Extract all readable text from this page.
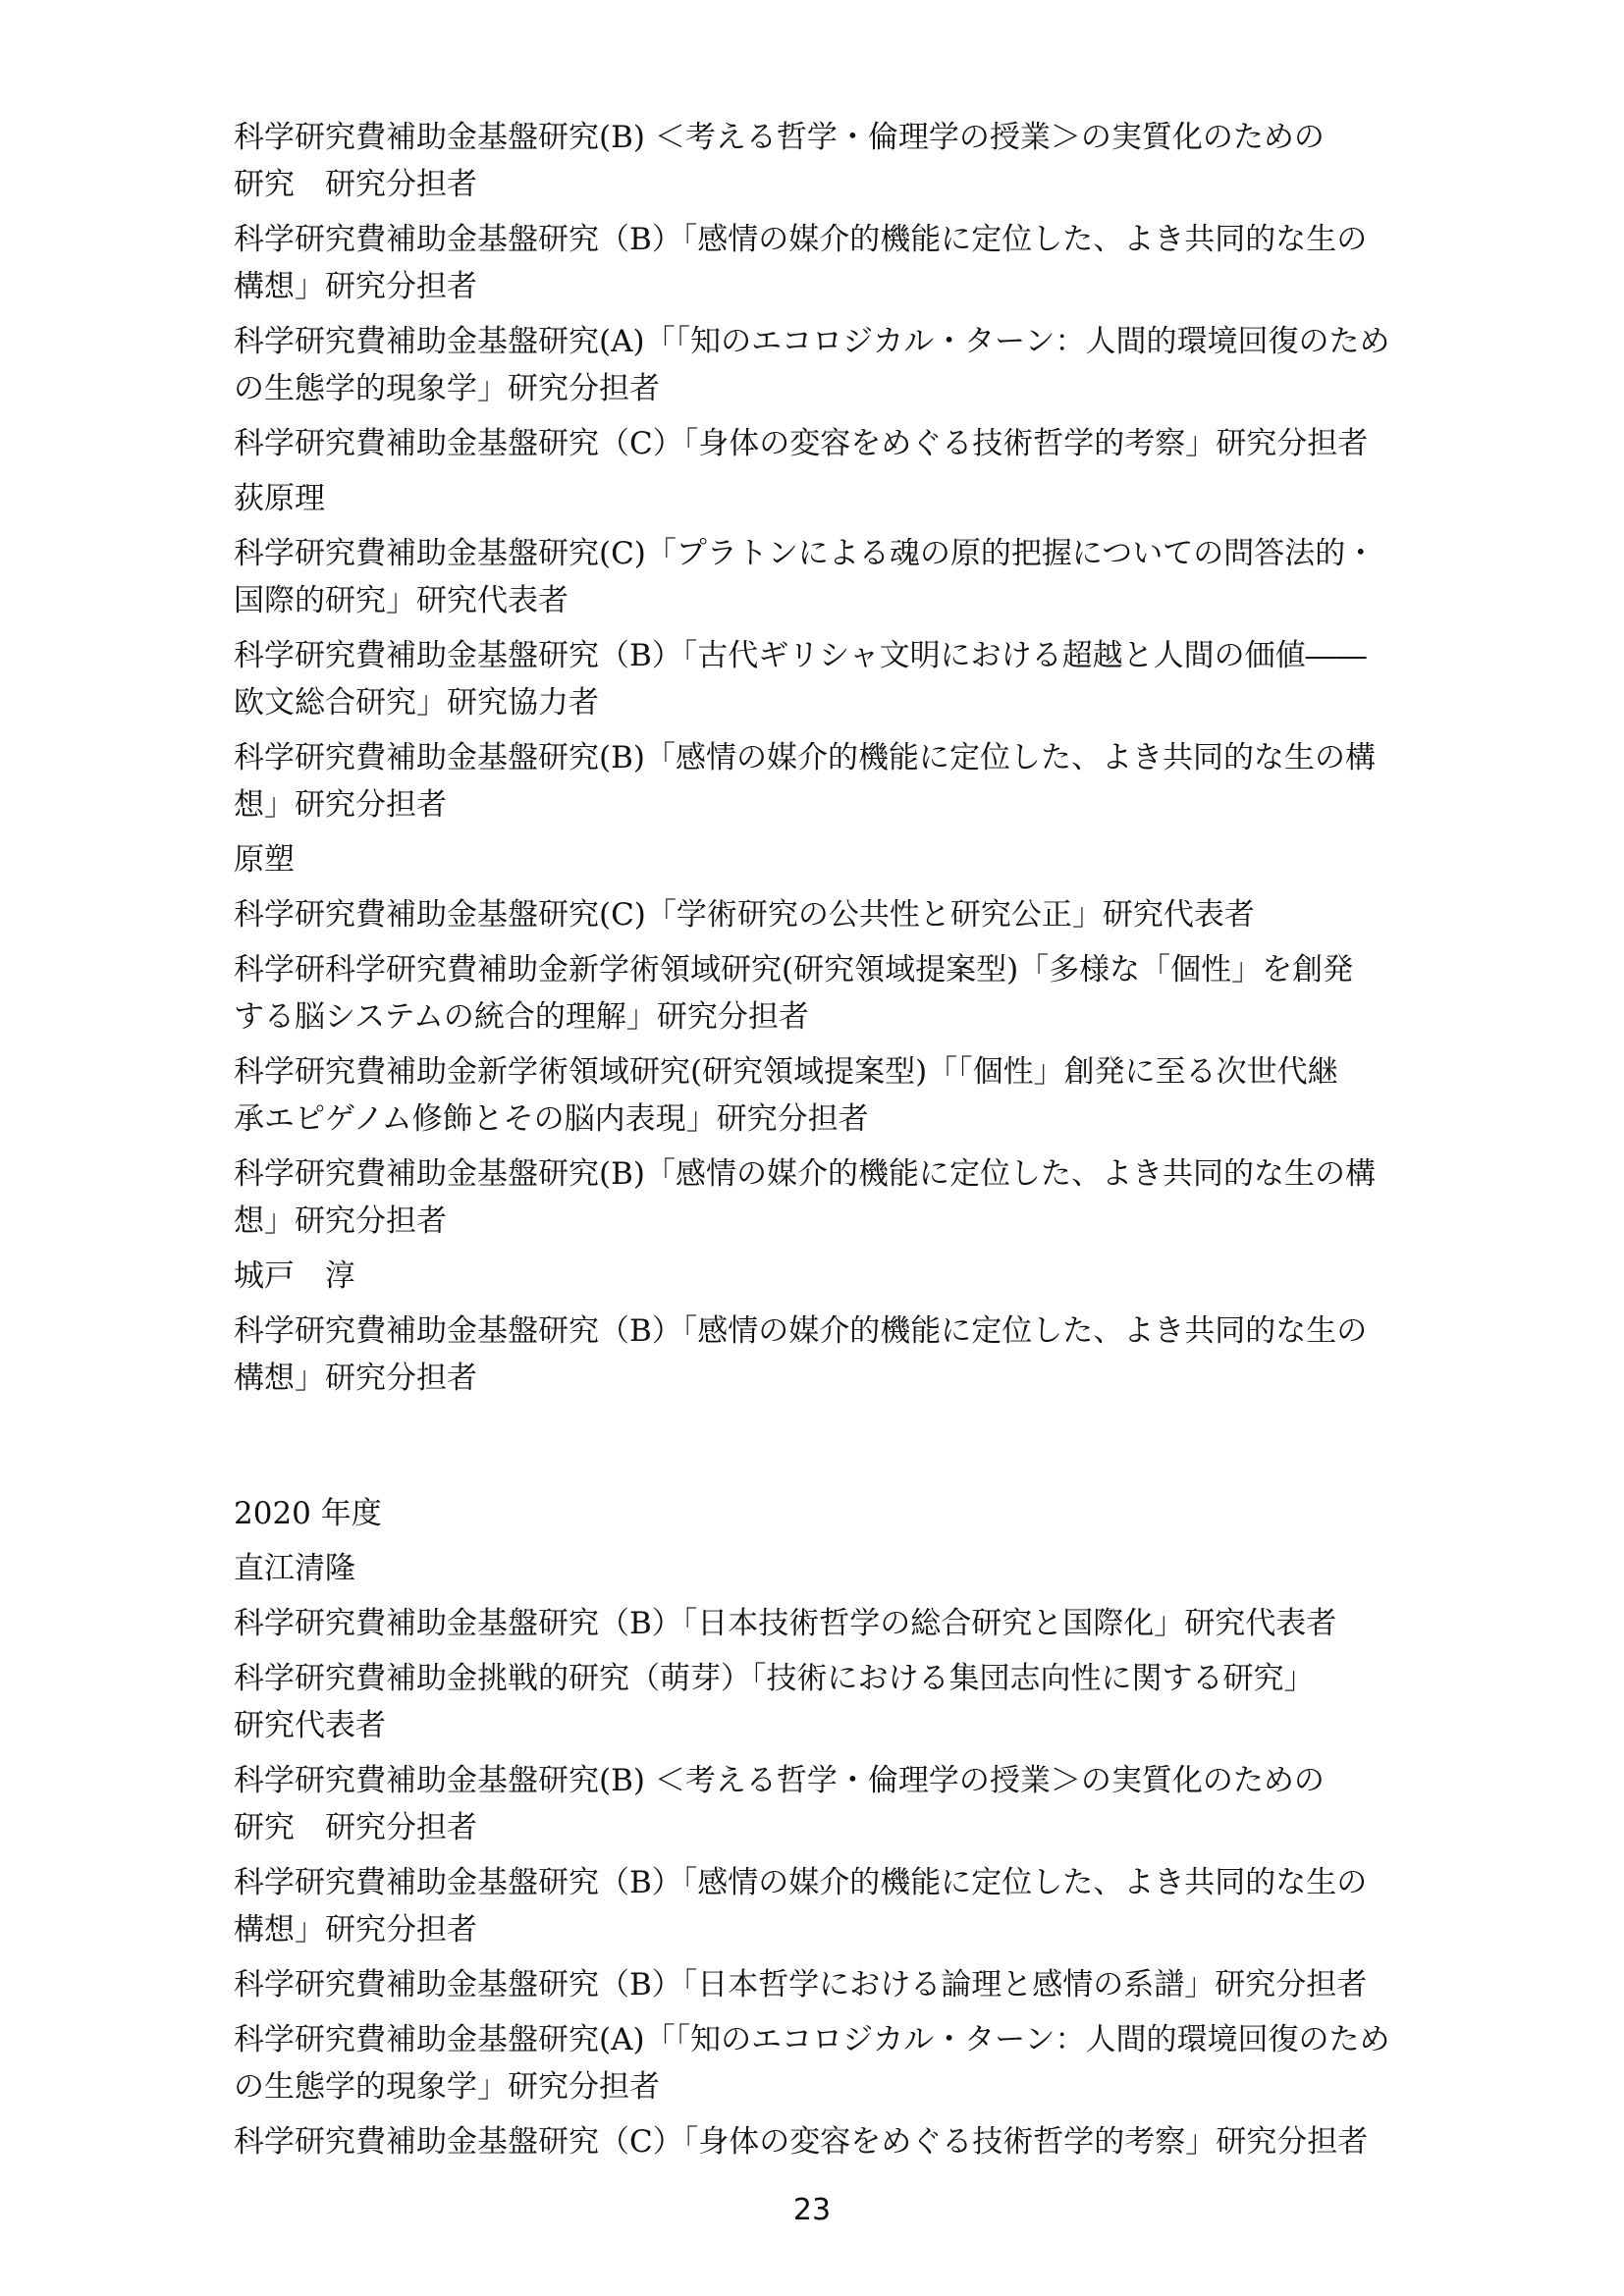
科学研究費補助金基盤研究(B) ＜考える哲学・倫理学の授業＞の実質化のための
研究　研究分担者
科学研究費補助金基盤研究（B）「感情の媒介的機能に定位した、よき共同的な生の
構想」研究分担者
科学研究費補助金基盤研究(A)「「知のエコロジカル・ターン：人間的環境回復のため
の生態学的現象学」研究分担者
科学研究費補助金基盤研究（C）「身体の変容をめぐる技術哲学的考察」研究分担者
荻原理
科学研究費補助金基盤研究(C)「プラトンによる魂の原的把握についての問答法的・
国際的研究」研究代表者
科学研究費補助金基盤研究（B）「古代ギリシャ文明における超越と人間の価値――
欧文総合研究」研究協力者
科学研究費補助金基盤研究(B)「感情の媒介的機能に定位した、よき共同的な生の構
想」研究分担者
原塑
科学研究費補助金基盤研究(C)「学術研究の公共性と研究公正」研究代表者
科学研科学研究費補助金新学術領域研究(研究領域提案型)「多様な「個性」を創発
する脳システムの統合的理解」研究分担者
科学研究費補助金新学術領域研究(研究領域提案型)「「個性」創発に至る次世代継
承エピゲノム修飾とその脳内表現」研究分担者
科学研究費補助金基盤研究(B)「感情の媒介的機能に定位した、よき共同的な生の構
想」研究分担者
城戸　淳
科学研究費補助金基盤研究（B）「感情の媒介的機能に定位した、よき共同的な生の
構想」研究分担者
2020 年度
直江清隆
科学研究費補助金基盤研究（B）「日本技術哲学の総合研究と国際化」研究代表者
科学研究費補助金挑戦的研究（萌芽）「技術における集団志向性に関する研究」
研究代表者
科学研究費補助金基盤研究(B) ＜考える哲学・倫理学の授業＞の実質化のための
研究　研究分担者
科学研究費補助金基盤研究（B）「感情の媒介的機能に定位した、よき共同的な生の
構想」研究分担者
科学研究費補助金基盤研究（B）「日本哲学における論理と感情の系譜」研究分担者
科学研究費補助金基盤研究(A)「「知のエコロジカル・ターン：人間的環境回復のため
の生態学的現象学」研究分担者
科学研究費補助金基盤研究（C）「身体の変容をめぐる技術哲学的考察」研究分担者
23
